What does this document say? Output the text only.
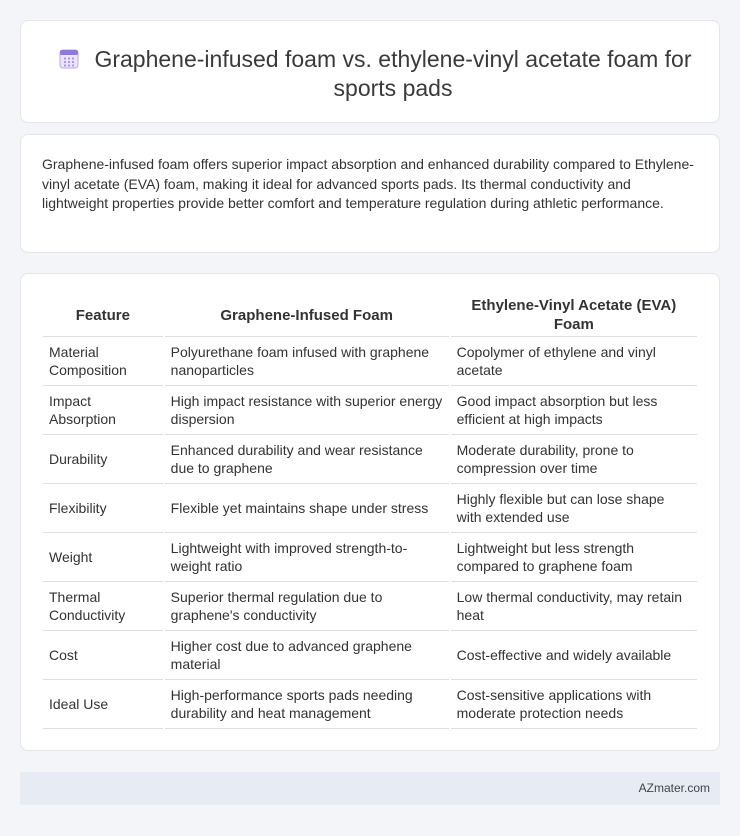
Graphene-infused foam vs. ethylene-vinyl acetate foam for sports pads

Graphene-infused foam offers superior impact absorption and enhanced durability compared to Ethylene-vinyl acetate (EVA) foam, making it ideal for advanced sports pads. Its thermal conductivity and lightweight properties provide better comfort and temperature regulation during athletic performance.

Feature	Graphene-Infused Foam	Ethylene-Vinyl Acetate (EVA) Foam
Material Composition	Polyurethane foam infused with graphene nanoparticles	Copolymer of ethylene and vinyl acetate
Impact Absorption	High impact resistance with superior energy dispersion	Good impact absorption but less efficient at high impacts
Durability	Enhanced durability and wear resistance due to graphene	Moderate durability, prone to compression over time
Flexibility	Flexible yet maintains shape under stress	Highly flexible but can lose shape with extended use
Weight	Lightweight with improved strength-to-weight ratio	Lightweight but less strength compared to graphene foam
Thermal Conductivity	Superior thermal regulation due to graphene's conductivity	Low thermal conductivity, may retain heat
Cost	Higher cost due to advanced graphene material	Cost-effective and widely available
Ideal Use	High-performance sports pads needing durability and heat management	Cost-sensitive applications with moderate protection needs
AZmater.com
